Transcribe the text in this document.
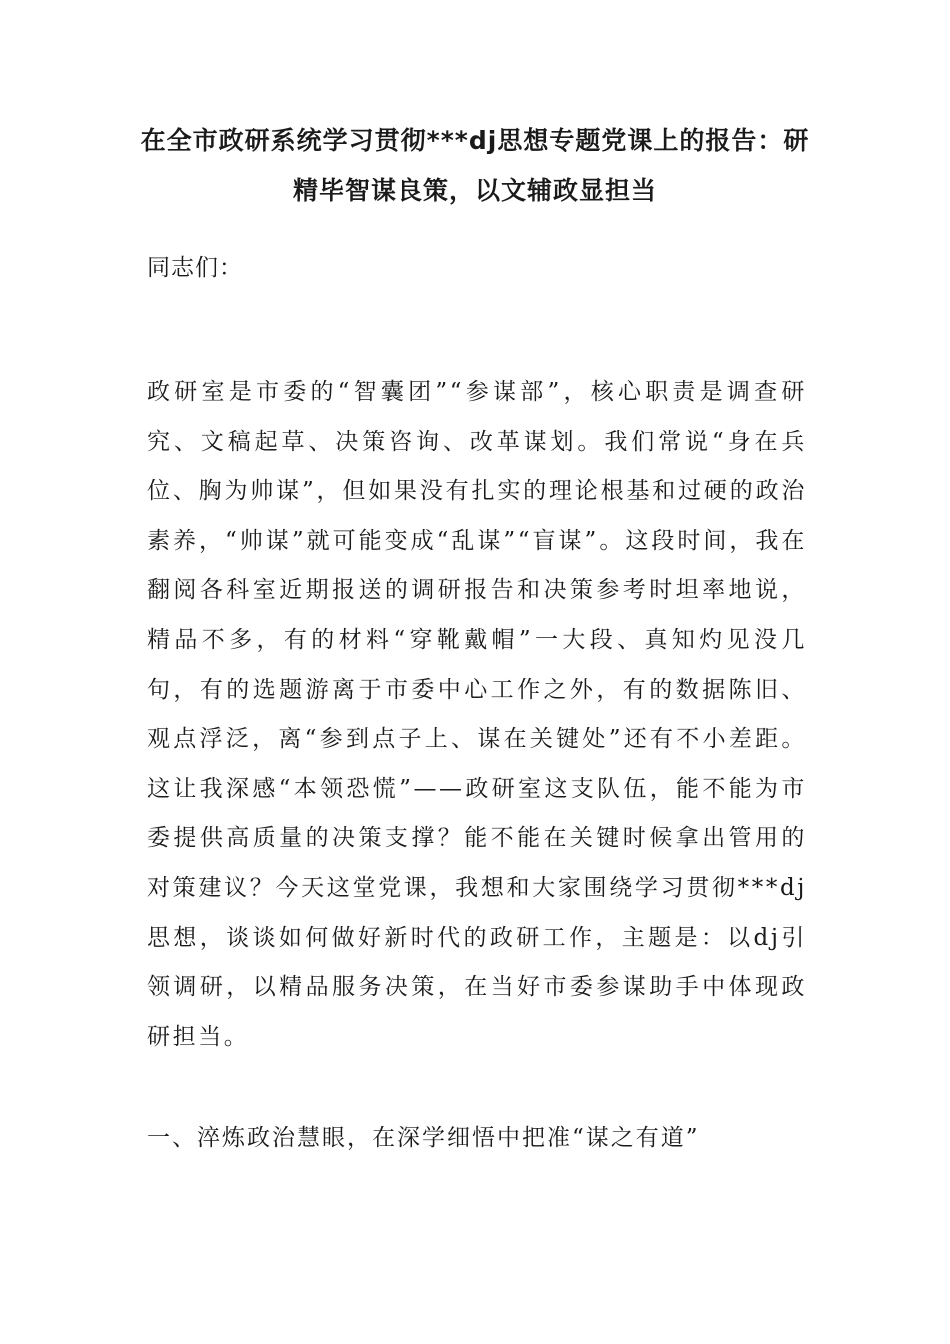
在全市政研系统学习贯彻***dj思想专题党课上的报告：研精毕智谋良策，以文辅政显担当
同志们：
政研室是市委的“智囊团”“参谋部”，核心职责是调查研究、文稿起草、决策咨询、改革谋划。我们常说“身在兵位、胸为帅谋”，但如果没有扎实的理论根基和过硬的政治素养，“帅谋”就可能变成“乱谋”“盲谋”。这段时间，我在翻阅各科室近期报送的调研报告和决策参考时坦率地说，精品不多，有的材料“穿靴戴帽”一大段、真知灼见没几句，有的选题游离于市委中心工作之外，有的数据陈旧、观点浮泛，离“参到点子上、谋在关键处”还有不小差距。这让我深感“本领恐慌”——政研室这支队伍，能不能为市委提供高质量的决策支撑？能不能在关键时候拿出管用的对策建议？今天这堂党课，我想和大家围绕学习贯彻***dj思想，谈谈如何做好新时代的政研工作，主题是：以dj引领调研，以精品服务决策，在当好市委参谋助手中体现政研担当。
一、淬炼政治慧眼，在深学细悟中把准“谋之有道”
